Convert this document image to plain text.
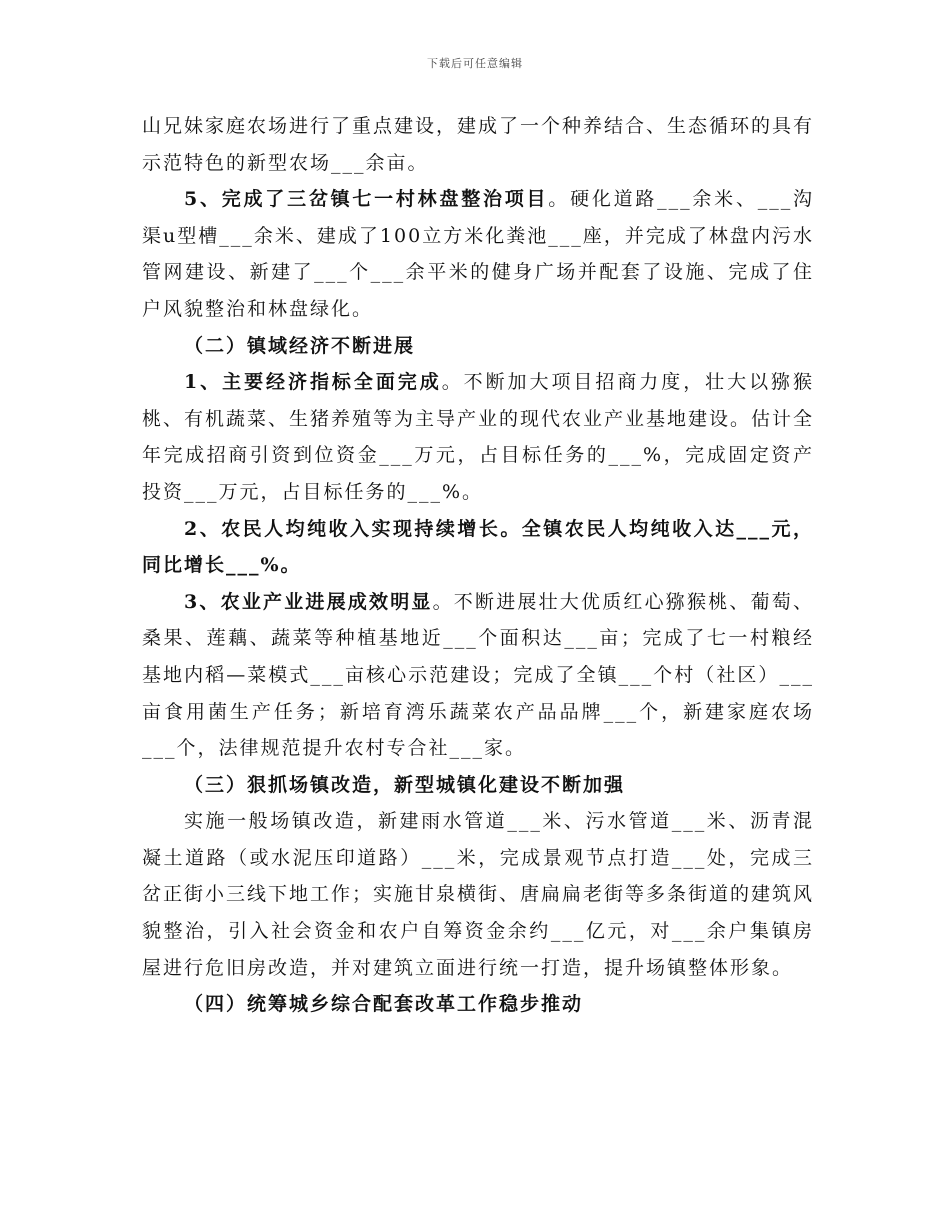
下载后可任意编辑

山兄妹家庭农场进行了重点建设，建成了一个种养结合、生态循环的具有示范特色的新型农场___余亩。

5、完成了三岔镇七一村林盘整治项目。硬化道路___余米、___沟渠u型槽___余米、建成了100立方米化粪池___座，并完成了林盘内污水管网建设、新建了___个___余平米的健身广场并配套了设施、完成了住户风貌整治和林盘绿化。

（二）镇域经济不断进展

1、主要经济指标全面完成。不断加大项目招商力度，壮大以猕猴桃、有机蔬菜、生猪养殖等为主导产业的现代农业产业基地建设。估计全年完成招商引资到位资金___万元，占目标任务的___%，完成固定资产投资___万元，占目标任务的___%。

2、农民人均纯收入实现持续增长。全镇农民人均纯收入达___元，同比增长___%。

3、农业产业进展成效明显。不断进展壮大优质红心猕猴桃、葡萄、桑果、莲藕、蔬菜等种植基地近___个面积达___亩；完成了七一村粮经基地内稻—菜模式___亩核心示范建设；完成了全镇___个村（社区）___亩食用菌生产任务；新培育湾乐蔬菜农产品品牌___个，新建家庭农场___个，法律规范提升农村专合社___家。

（三）狠抓场镇改造，新型城镇化建设不断加强

实施一般场镇改造，新建雨水管道___米、污水管道___米、沥青混凝土道路（或水泥压印道路）___米，完成景观节点打造___处，完成三岔正街小三线下地工作；实施甘泉横街、唐扁扁老街等多条街道的建筑风貌整治，引入社会资金和农户自筹资金余约___亿元，对___余户集镇房屋进行危旧房改造，并对建筑立面进行统一打造，提升场镇整体形象。

（四）统筹城乡综合配套改革工作稳步推动
